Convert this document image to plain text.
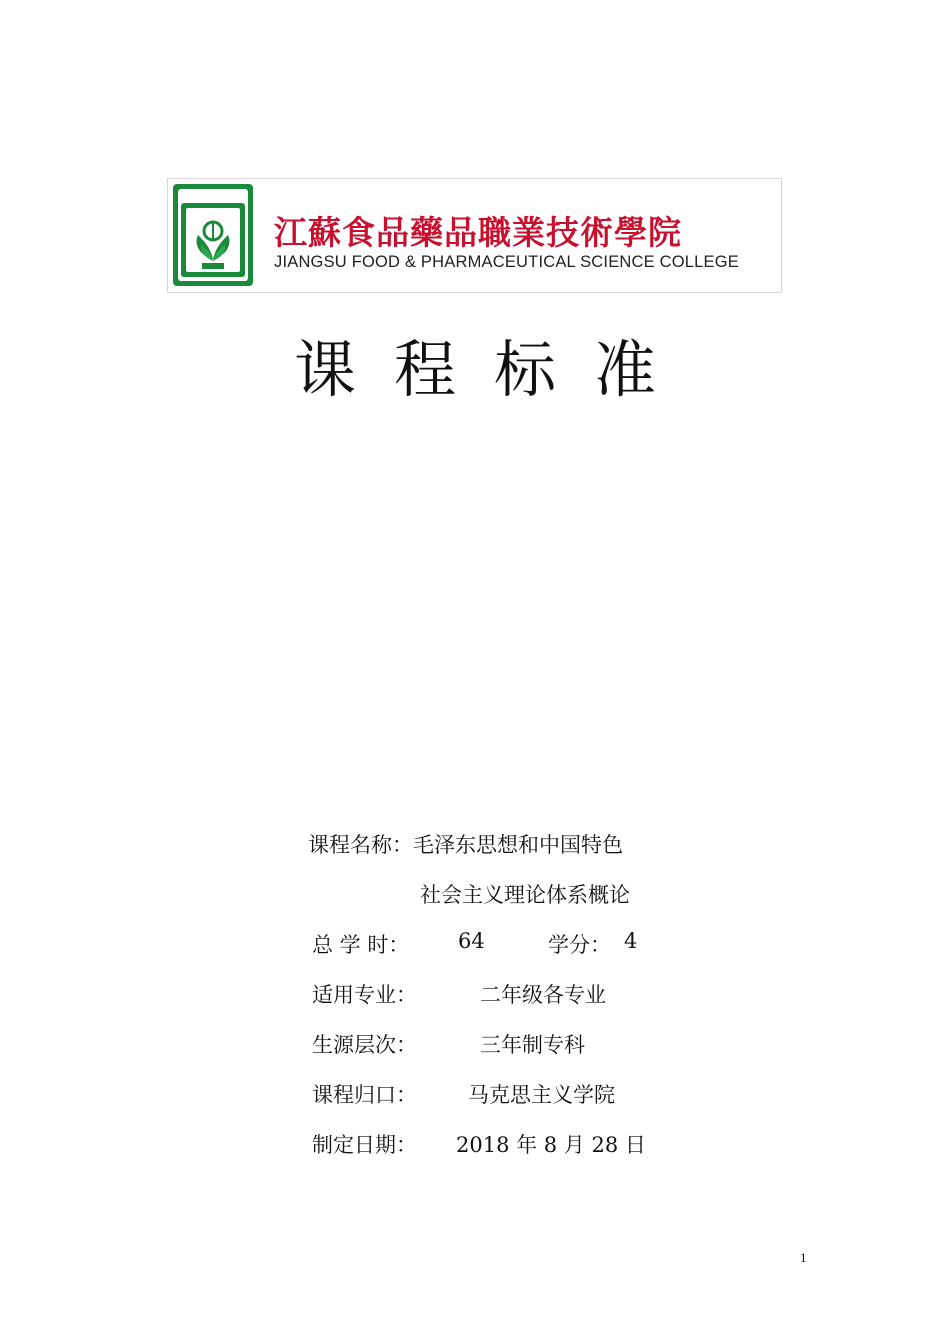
江蘇食品藥品職業技術學院
JIANGSU FOOD & PHARMACEUTICAL SCIENCE COLLEGE
课程标准
课程名称： 毛泽东思想和中国特色
社会主义理论体系概论
总 学 时： 64	学分： 4
适用专业：	二年级各专业
生源层次：	三年制专科
课程归口： 马克思主义学院
制定日期： 2018 年 8 月 28 日
1
